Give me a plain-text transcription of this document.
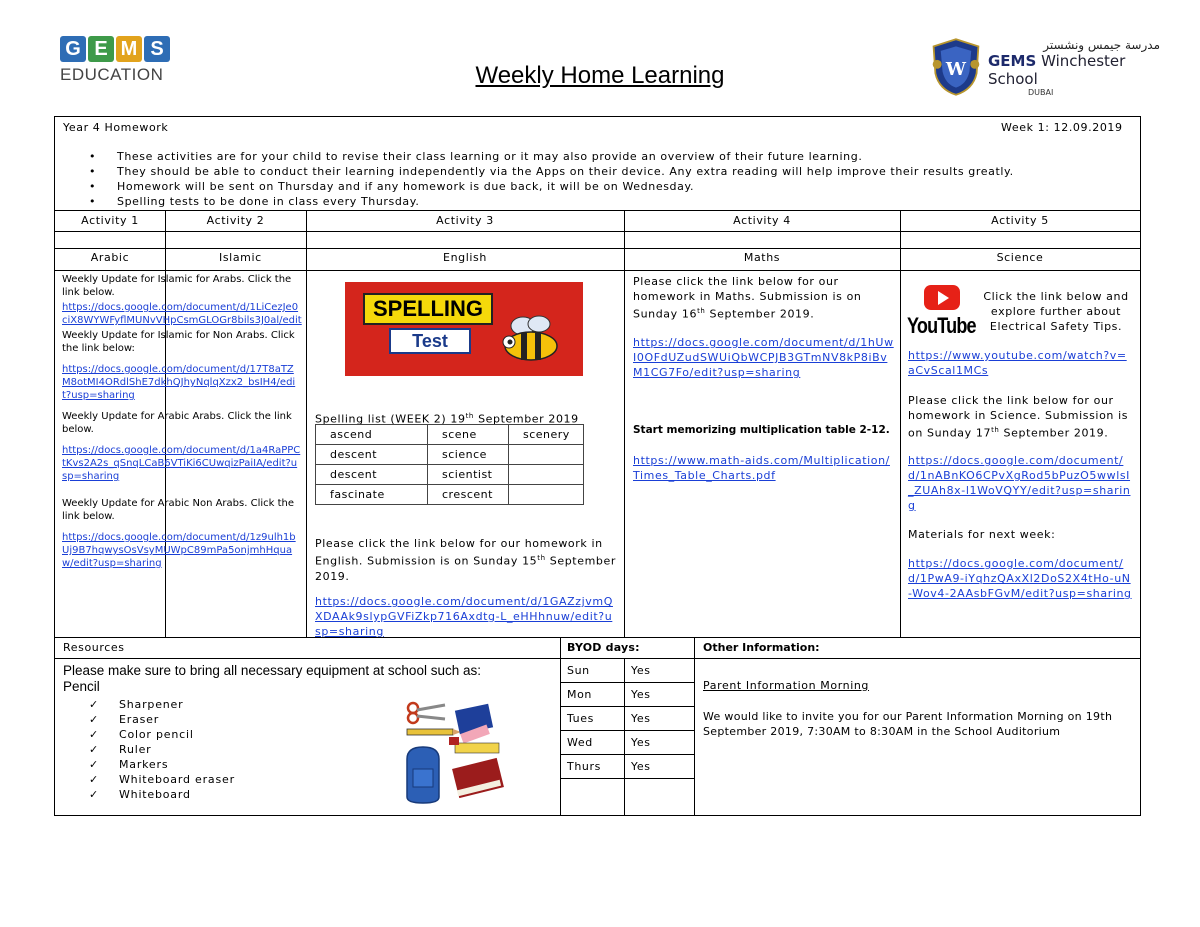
G E M S
EDUCATION	Weekly Home Learning	W
مدرسة جيمس ونشستر
GEMS Winchester School
DUBAI
Year 4 Homework	Week 1: 12.09.2019
• These activities are for your child to revise their class learning or it may also provide an overview of their future learning.
• They should be able to conduct their learning independently via the Apps on their device. Any extra reading will help improve their results greatly.
• Homework will be sent on Thursday and if any homework is due back, it will be on Wednesday.
• Spelling tests to be done in class every Thursday.
Activity 1	Activity 2	Activity 3	Activity 4	Activity 5
Arabic	Islamic	English	Maths	Science
Weekly Update for Islamic for Arabs. Click the link below.
https://docs.google.com/document/d/1LiCezJe0ciX8WYWFyflMUNvVHpCsmGLOGr8bils3J0al/edit
Weekly Update for Islamic for Non Arabs. Click the link below:
https://docs.google.com/document/d/17T8aTZM8otMI4ORdlShE7dkhQJhyNqlqXzx2_bsIH4/edit?usp=sharing
Weekly Update for Arabic Arabs. Click the link below.
https://docs.google.com/document/d/1a4RaPPCtKvs2A2s_qSnqLCaB6VTiKi6CUwqizPaiIA/edit?usp=sharing
Weekly Update for Arabic Non Arabs. Click the link below.
https://docs.google.com/document/d/1z9ulh1bUj9B7hqwysOsVsyMUWpC89mPa5onjmhHquaw/edit?usp=sharing
SPELLING
Test
Spelling list (WEEK 2) 19th September 2019
ascend	scene	scenery
descent	science	
descent	scientist	
fascinate	crescent	
Please click the link below for our homework in English. Submission is on Sunday 15th September 2019.
https://docs.google.com/document/d/1GAZzjvmQXDAAk9slypGVFiZkp716Axdtg-L_eHHhnuw/edit?usp=sharing
Please click the link below for our homework in Maths. Submission is on Sunday 16th September 2019.
https://docs.google.com/document/d/1hUwI0OFdUZudSWUiQbWCPJB3GTmNV8kP8iBvM1CG7Fo/edit?usp=sharing
Start memorizing multiplication table 2-12.
https://www.math-aids.com/Multiplication/Times_Table_Charts.pdf
YouTube
Click the link below and explore further about Electrical Safety Tips.
https://www.youtube.com/watch?v=aCvScal1MCs
Please click the link below for our homework in Science. Submission is on Sunday 17th September 2019.
https://docs.google.com/document/d/1nABnKO6CPvXgRod5bPuzO5wwlsI_ZUAh8x-l1WoVQYY/edit?usp=sharing
Materials for next week:
https://docs.google.com/document/d/1PwA9-iYqhzQAxXl2DoS2X4tHo-uN-Wov4-2AAsbFGvM/edit?usp=sharing
Resources
Please make sure to bring all necessary equipment at school such as:
Pencil
✓ Sharpener
✓ Eraser
✓ Color pencil
✓ Ruler
✓ Markers
✓ Whiteboard eraser
✓ Whiteboard
BYOD days:
Sun	Yes
Mon	Yes
Tues	Yes
Wed	Yes
Thurs	Yes
Other Information:
Parent Information Morning
We would like to invite you for our Parent Information Morning on 19th September 2019, 7:30AM to 8:30AM in the School Auditorium
